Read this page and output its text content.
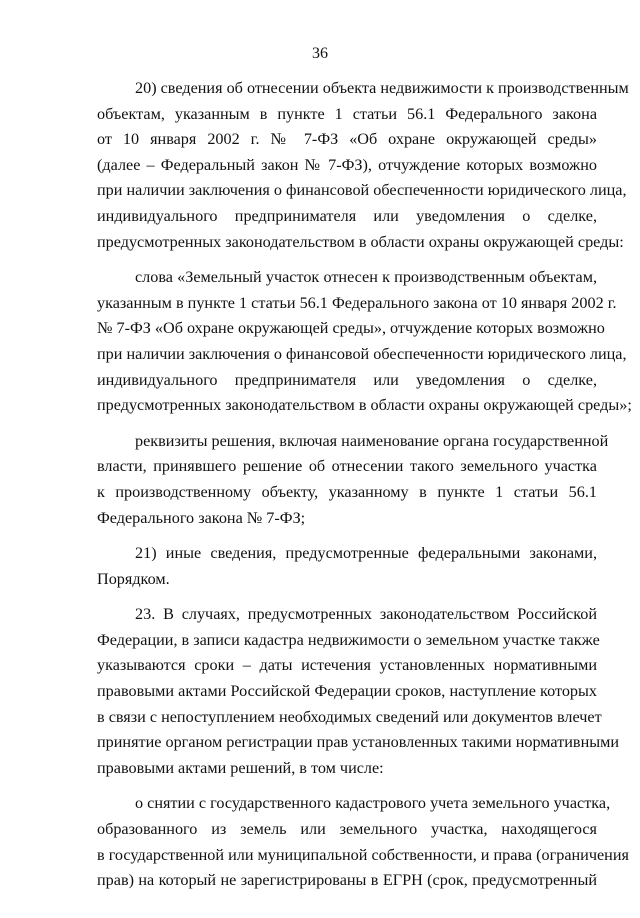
36

20) сведения об отнесении объекта недвижимости к производственным
объектам, указанным в пункте 1 статьи 56.1 Федерального закона
от 10 января 2002 г. № 7-ФЗ «Об охране окружающей среды»
(далее – Федеральный закон № 7-ФЗ), отчуждение которых возможно
при наличии заключения о финансовой обеспеченности юридического лица,
индивидуального предпринимателя или уведомления о сделке,
предусмотренных законодательством в области охраны окружающей среды:

слова «Земельный участок отнесен к производственным объектам,
указанным в пункте 1 статьи 56.1 Федерального закона от 10 января 2002 г.
№ 7-ФЗ «Об охране окружающей среды», отчуждение которых возможно
при наличии заключения о финансовой обеспеченности юридического лица,
индивидуального предпринимателя или уведомления о сделке,
предусмотренных законодательством в области охраны окружающей среды»;

реквизиты решения, включая наименование органа государственной
власти, принявшего решение об отнесении такого земельного участка
к производственному объекту, указанному в пункте 1 статьи 56.1
Федерального закона № 7-ФЗ;

21) иные сведения, предусмотренные федеральными законами,
Порядком.

23. В случаях, предусмотренных законодательством Российской
Федерации, в записи кадастра недвижимости о земельном участке также
указываются сроки – даты истечения установленных нормативными
правовыми актами Российской Федерации сроков, наступление которых
в связи с непоступлением необходимых сведений или документов влечет
принятие органом регистрации прав установленных такими нормативными
правовыми актами решений, в том числе:

о снятии с государственного кадастрового учета земельного участка,
образованного из земель или земельного участка, находящегося
в государственной или муниципальной собственности, и права (ограничения
прав) на который не зарегистрированы в ЕГРН (срок, предусмотренный
